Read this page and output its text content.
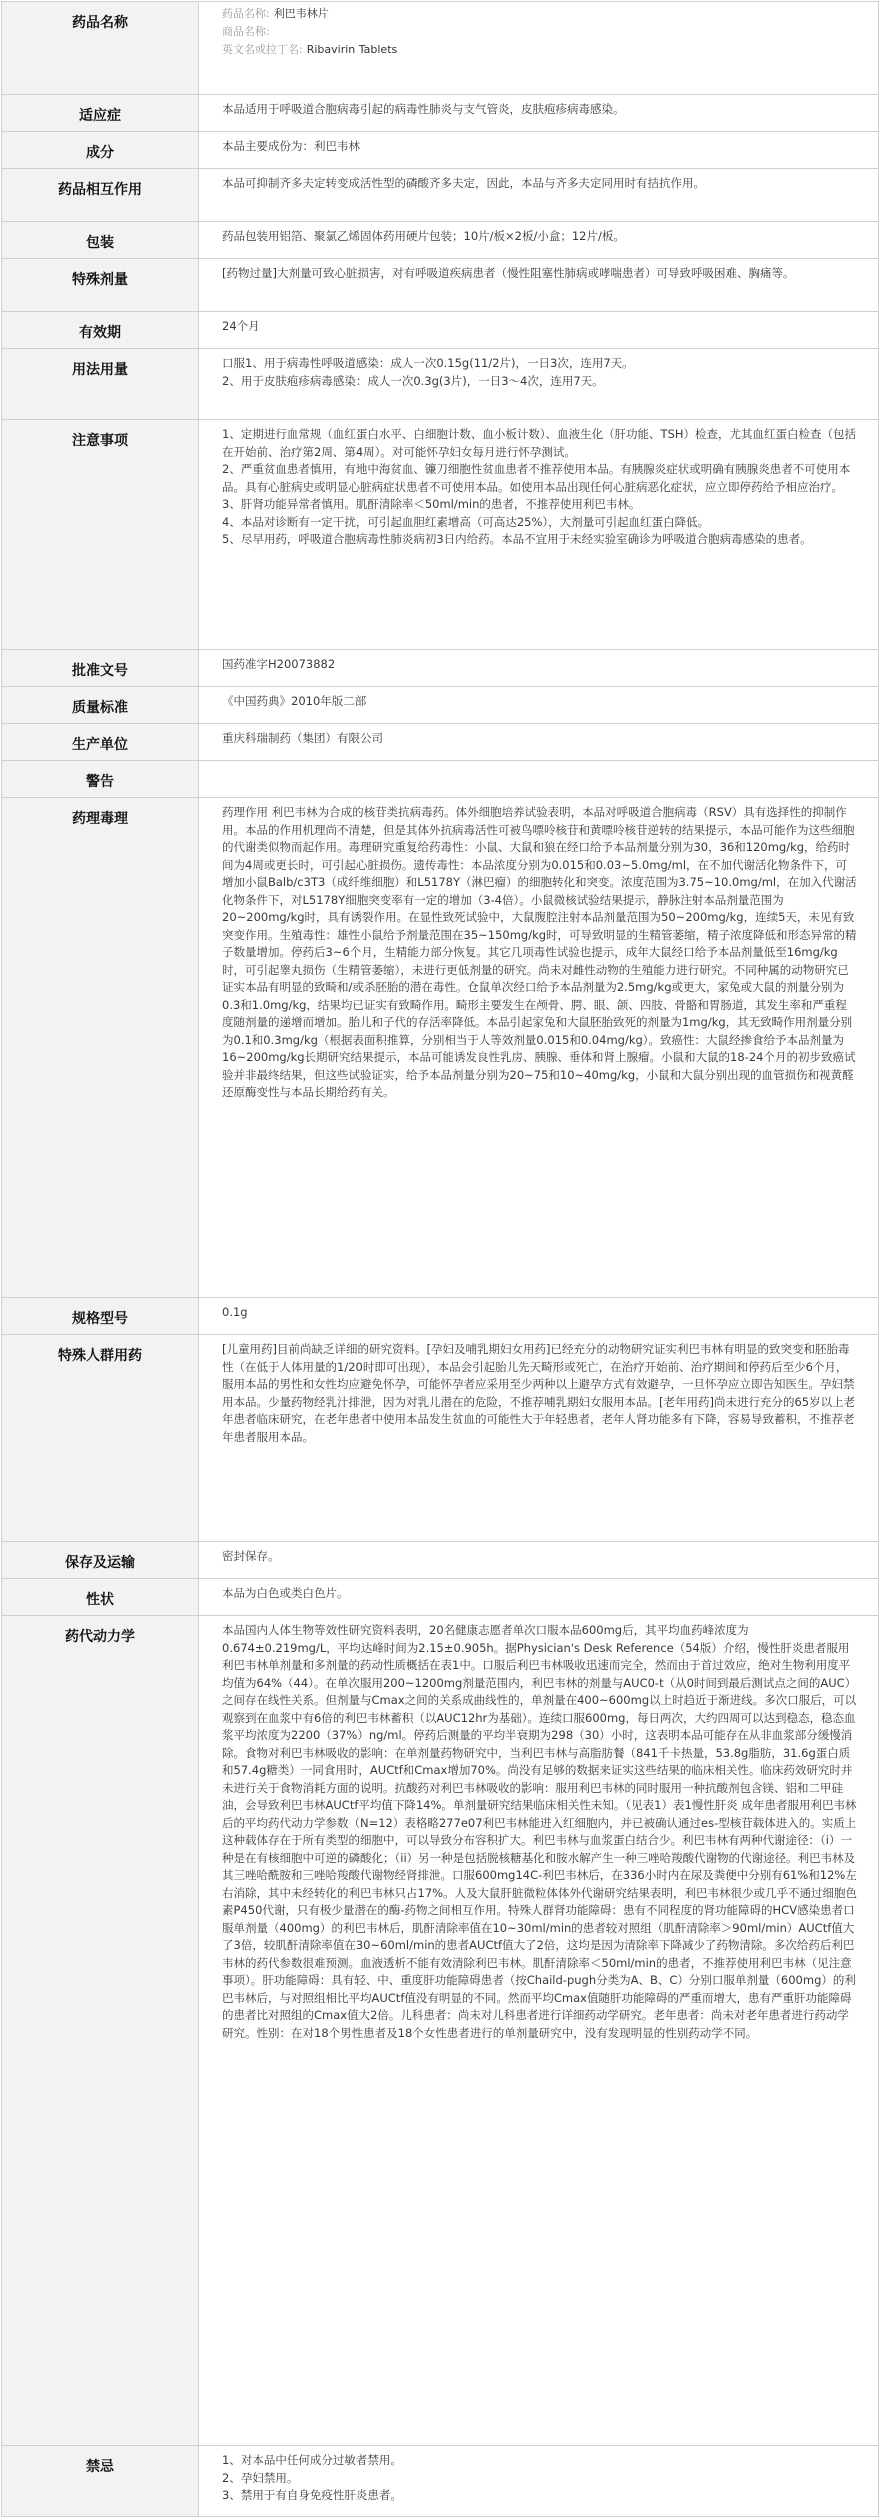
药品名称	药品名称: 利巴韦林片
商品名称:
英文名或拉丁名: Ribavirin Tablets

适应症	本品适用于呼吸道合胞病毒引起的病毒性肺炎与支气管炎，皮肤疱疹病毒感染。
成分	本品主要成份为：利巴韦林
药品相互作用	本品可抑制齐多夫定转变成活性型的磷酸齐多夫定，因此，本品与齐多夫定同用时有拮抗作用。
包装	药品包装用铝箔、聚氯乙烯固体药用硬片包装；10片/板×2板/小盒；12片/板。
特殊剂量	[药物过量]大剂量可致心脏损害，对有呼吸道疾病患者（慢性阻塞性肺病或哮喘患者）可导致呼吸困难、胸痛等。
有效期	24个月
用法用量	口服1、用于病毒性呼吸道感染：成人一次0.15g(11/2片)，一日3次，连用7天。
2、用于皮肤疱疹病毒感染：成人一次0.3g(3片)，一日3～4次，连用7天。

注意事项	1、定期进行血常规（血红蛋白水平、白细胞计数、血小板计数）、血液生化（肝功能、TSH）检查，尤其血红蛋白检查（包括在开始前、治疗第2周、第4周）。对可能怀孕妇女每月进行怀孕测试。
2、严重贫血患者慎用，有地中海贫血、镰刀细胞性贫血患者不推荐使用本品。有胰腺炎症状或明确有胰腺炎患者不可使用本品。具有心脏病史或明显心脏病症状患者不可使用本品。如使用本品出现任何心脏病恶化症状，应立即停药给予相应治疗。
3、肝肾功能异常者慎用。肌酐清除率＜50ml/min的患者，不推荐使用利巴韦林。
4、本品对诊断有一定干扰，可引起血胆红素增高（可高达25%），大剂量可引起血红蛋白降低。
5、尽早用药，呼吸道合胞病毒性肺炎病初3日内给药。本品不宜用于未经实验室确诊为呼吸道合胞病毒感染的患者。

批准文号	国药准字H20073882
质量标准	《中国药典》2010年版二部
生产单位	重庆科瑞制药（集团）有限公司
警告	
药理毒理	药理作用 利巴韦林为合成的核苷类抗病毒药。体外细胞培养试验表明，本品对呼吸道合胞病毒（RSV）具有选择性的抑制作用。本品的作用机理尚不清楚，但是其体外抗病毒活性可被鸟嘌呤核苷和黄嘌呤核苷逆转的结果提示，本品可能作为这些细胞的代谢类似物而起作用。毒理研究重复给药毒性：小鼠、大鼠和狼在经口给予本品剂量分别为30，36和120mg/kg，给药时间为4周或更长时，可引起心脏损伤。遗传毒性：本品浓度分别为0.015和0.03~5.0mg/ml，在不加代谢活化物条件下，可增加小鼠Balb/c3T3（成纤维细胞）和L5178Y（淋巴瘤）的细胞转化和突变。浓度范围为3.75~10.0mg/ml，在加入代谢活化物条件下，对L5178Y细胞突变率有一定的增加（3-4倍）。小鼠微核试验结果提示，静脉注射本品剂量范围为20~200mg/kg时，具有诱裂作用。在显性致死试验中，大鼠腹腔注射本品剂量范围为50~200mg/kg，连续5天，未见有致突变作用。生殖毒性：雄性小鼠给予剂量范围在35~150mg/kg时，可导致明显的生精管萎缩，精子浓度降低和形态异常的精子数量增加。停药后3~6个月，生精能力部分恢复。其它几项毒性试验也提示，成年大鼠经口给予本品剂量低至16mg/kg时，可引起睾丸损伤（生精管萎缩），未进行更低剂量的研究。尚未对雌性动物的生殖能力进行研究。不同种属的动物研究已证实本品有明显的致畸和/或杀胚胎的潜在毒性。仓鼠单次经口给予本品剂量为2.5mg/kg或更大，家兔或大鼠的剂量分别为0.3和1.0mg/kg，结果均已证实有致畸作用。畸形主要发生在颅骨、腭、眼、颌、四肢、骨骼和胃肠道，其发生率和严重程度随剂量的递增而增加。胎儿和子代的存活率降低。本品引起家兔和大鼠胚胎致死的剂量为1mg/kg，其无致畸作用剂量分别为0.1和0.3mg/kg（根据表面积推算，分别相当于人等效剂量0.015和0.04mg/kg）。致癌性：大鼠经掺食给予本品剂量为16~200mg/kg长期研究结果提示，本品可能诱发良性乳房、胰腺、垂体和肾上腺瘤。小鼠和大鼠的18-24个月的初步致癌试验并非最终结果，但这些试验证实，给予本品剂量分别为20~75和10~40mg/kg，小鼠和大鼠分别出现的血管损伤和视黄醛还原酶变性与本品长期给药有关。
规格型号	0.1g
特殊人群用药	[儿童用药]目前尚缺乏详细的研究资料。[孕妇及哺乳期妇女用药]已经充分的动物研究证实利巴韦林有明显的致突变和胚胎毒性（在低于人体用量的1/20时即可出现），本品会引起胎儿先天畸形或死亡，在治疗开始前、治疗期间和停药后至少6个月，服用本品的男性和女性均应避免怀孕，可能怀孕者应采用至少两种以上避孕方式有效避孕，一旦怀孕应立即告知医生。孕妇禁用本品。少量药物经乳汁排泄，因为对乳儿潜在的危险，不推荐哺乳期妇女服用本品。[老年用药]尚未进行充分的65岁以上老年患者临床研究，在老年患者中使用本品发生贫血的可能性大于年轻患者，老年人肾功能多有下降，容易导致蓄积，不推荐老年患者服用本品。
保存及运输	密封保存。
性状	本品为白色或类白色片。
药代动力学	本品国内人体生物等效性研究资料表明，20名健康志愿者单次口服本品600mg后，其平均血药峰浓度为0.674±0.219mg/L，平均达峰时间为2.15±0.905h。据Physician's Desk Reference（54版）介绍，慢性肝炎患者服用利巴韦林单剂量和多剂量的药动性质概括在表1中。口服后利巴韦林吸收迅速而完全，然而由于首过效应，绝对生物利用度平均值为64%（44）。在单次服用200~1200mg剂量范围内，利巴韦林的剂量与AUC0-t（从0时间到最后测试点之间的AUC）之间存在线性关系。但剂量与Cmax之间的关系成曲线性的，单剂量在400~600mg以上时趋近于渐进线。多次口服后，可以观察到在血浆中有6倍的利巴韦林蓄积（以AUC12hr为基础）。连续口服600mg，每日两次，大约四周可以达到稳态，稳态血浆平均浓度为2200（37%）ng/ml。停药后测量的平均半衰期为298（30）小时，这表明本品可能存在从非血浆部分缓慢消除。食物对利巴韦林吸收的影响：在单剂量药物研究中，当利巴韦林与高脂肪餐（841千卡热量，53.8g脂肪，31.6g蛋白质和57.4g糖类）一同食用时，AUCtf和Cmax增加70%。尚没有足够的数据来证实这些结果的临床相关性。临床药效研究时并未进行关于食物消耗方面的说明。抗酸药对利巴韦林吸收的影响：服用利巴韦林的同时服用一种抗酸剂包含镁、铝和二甲硅油，会导致利巴韦林AUCtf平均值下降14%。单剂量研究结果临床相关性未知。（见表1）表1慢性肝炎 成年患者服用利巴韦林后的平均药代动力学参数（N=12）表格略277e07利巴韦林能进入红细胞内，并已被确认通过es-型核苷载体进入的。实质上这种载体存在于所有类型的细胞中，可以导致分布容积扩大。利巴韦林与血浆蛋白结合少。利巴韦林有两种代谢途径：（i）一种是在有核细胞中可逆的磷酸化；（ii）另一种是包括脱核糖基化和胺水解产生一种三唑哈羧酸代谢物的代谢途径。利巴韦林及其三唑哈酰胺和三唑哈羧酸代谢物经肾排泄。口服600mg14C-利巴韦林后，在336小时内在尿及粪便中分别有61%和12%左右消除，其中未经转化的利巴韦林只占17%。人及大鼠肝脏微粒体体外代谢研究结果表明，利巴韦林很少或几乎不通过细胞色素P450代谢，只有极少量潜在的酶-药物之间相互作用。特殊人群肾功能障碍：患有不同程度的肾功能障碍的HCV感染患者口服单剂量（400mg）的利巴韦林后，肌酐清除率值在10~30ml/min的患者较对照组（肌酐清除率＞90ml/min）AUCtf值大了3倍，较肌酐清除率值在30~60ml/min的患者AUCtf值大了2倍，这均是因为清除率下降减少了药物清除。多次给药后利巴韦林的药代参数很难预测。血液透析不能有效清除利巴韦林。肌酐清除率＜50ml/min的患者，不推荐使用利巴韦林（见注意事项）。肝功能障碍：具有轻、中、重度肝功能障碍患者（按Chaild-pugh分类为A、B、C）分别口服单剂量（600mg）的利巴韦林后，与对照组相比平均AUCtf值没有明显的不同。然而平均Cmax值随肝功能障碍的严重而增大，患有严重肝功能障碍的患者比对照组的Cmax值大2倍。儿科患者：尚未对儿科患者进行详细药动学研究。老年患者：尚未对老年患者进行药动学研究。性别：在对18个男性患者及18个女性患者进行的单剂量研究中，没有发现明显的性别药动学不同。
禁忌	1、对本品中任何成分过敏者禁用。
2、孕妇禁用。
3、禁用于有自身免疫性肝炎患者。
